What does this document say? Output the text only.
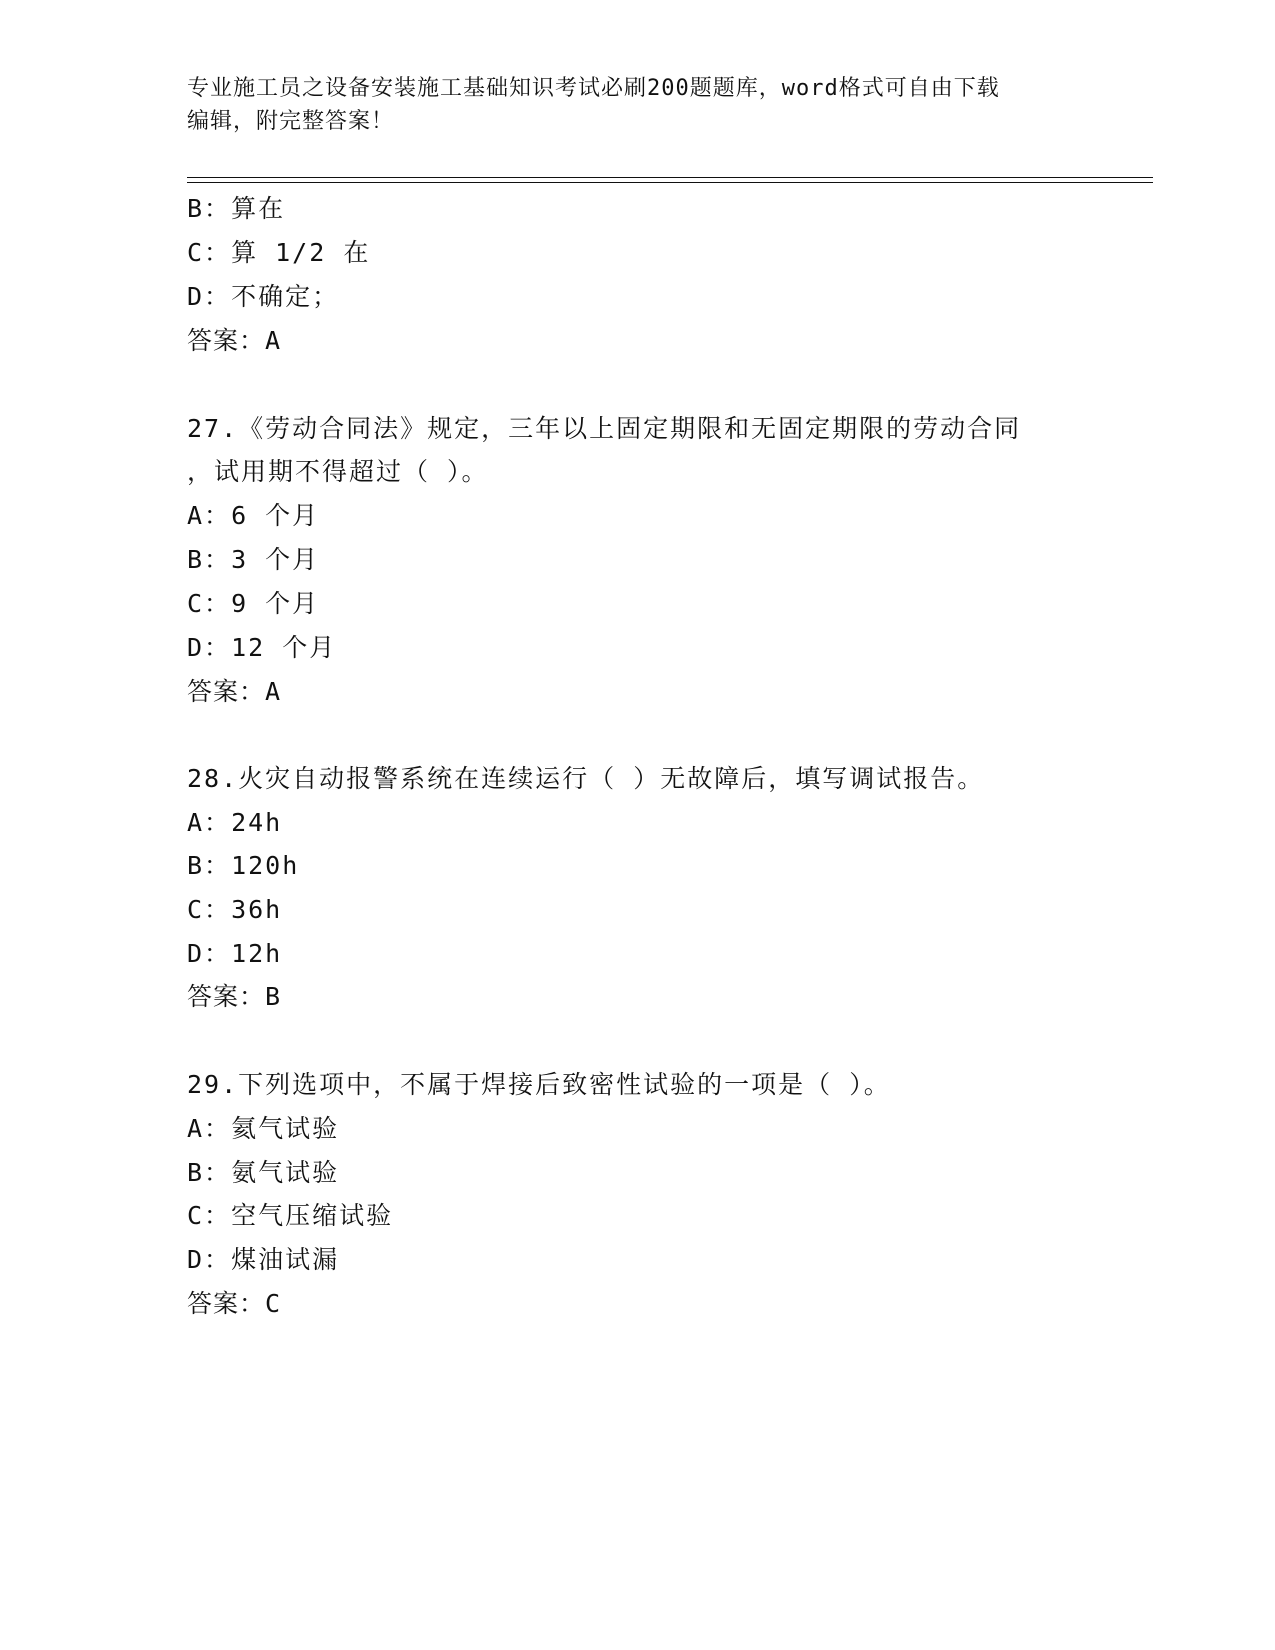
专业施工员之设备安装施工基础知识考试必刷200题题库，word格式可自由下载
编辑，附完整答案！
B：算在
C：算 1/2 在
D：不确定；
答案：A
27.《劳动合同法》规定，三年以上固定期限和无固定期限的劳动合同
，试用期不得超过（ ）。
A：6 个月
B：3 个月
C：9 个月
D：12 个月
答案：A
28.火灾自动报警系统在连续运行（ ）无故障后，填写调试报告。
A：24h
B：120h
C：36h
D：12h
答案：B
29.下列选项中，不属于焊接后致密性试验的一项是（ ）。
A：氦气试验
B：氨气试验
C：空气压缩试验
D：煤油试漏
答案：C
